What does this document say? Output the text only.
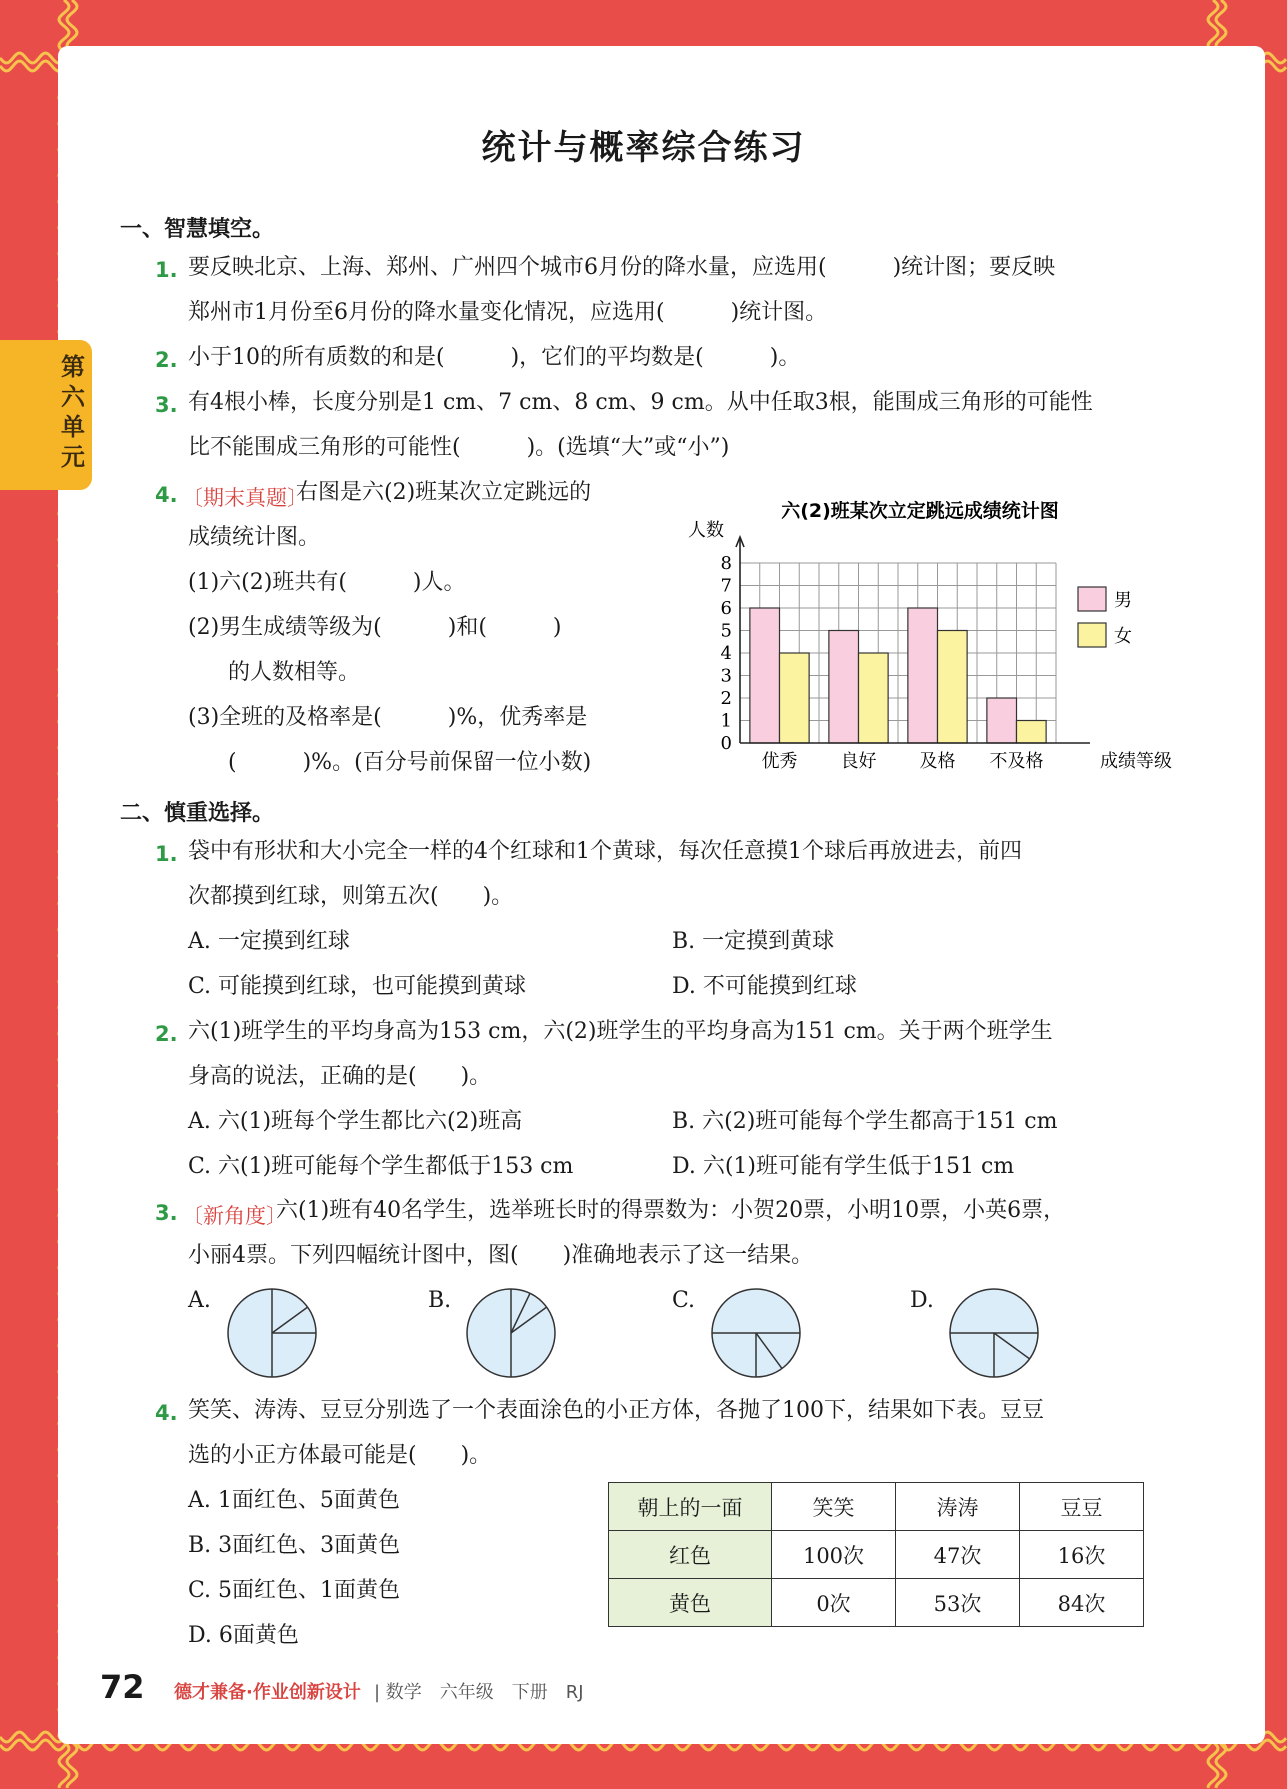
第六单元
统计与概率综合练习
一、智慧填空。
1. 要反映北京、上海、郑州、广州四个城市6月份的降水量，应选用(　　　)统计图；要反映
郑州市1月份至6月份的降水量变化情况，应选用(　　　)统计图。
2. 小于10的所有质数的和是(　　　)，它们的平均数是(　　　)。
3. 有4根小棒，长度分别是1 cm、7 cm、8 cm、9 cm。从中任取3根，能围成三角形的可能性
比不能围成三角形的可能性(　　　)。(选填“大”或“小”)
4. 〔期末真题〕
右图是六(2)班某次立定跳远的
成绩统计图。
(1)六(2)班共有(　　　)人。
(2)男生成绩等级为(　　　)和(　　　)
的人数相等。
(3)全班的及格率是(　　　)%，优秀率是
(　　　)%。(百分号前保留一位小数)
六(2)班某次立定跳远成绩统计图
人数
0
1
2
3
4
5
6
7
8
优秀 良好 及格 不及格
男
女
成绩等级
二、慎重选择。
1. 袋中有形状和大小完全一样的4个红球和1个黄球，每次任意摸1个球后再放进去，前四
次都摸到红球，则第五次(　　)。
A. 一定摸到红球	B. 一定摸到黄球
C. 可能摸到红球，也可能摸到黄球	D. 不可能摸到红球
2. 六(1)班学生的平均身高为153 cm，六(2)班学生的平均身高为151 cm。关于两个班学生
身高的说法，正确的是(　　)。
A. 六(1)班每个学生都比六(2)班高	B. 六(2)班可能每个学生都高于151 cm
C. 六(1)班可能每个学生都低于153 cm	D. 六(1)班可能有学生低于151 cm
3. 〔新角度〕
六(1)班有40名学生，选举班长时的得票数为：小贺20票，小明10票，小英6票，
小丽4票。下列四幅统计图中，图(　　)准确地表示了这一结果。
A.	B.	C.	D.
4. 笑笑、涛涛、豆豆分别选了一个表面涂色的小正方体，各抛了100下，结果如下表。豆豆
选的小正方体最可能是(　　)。
A. 1面红色、5面黄色
B. 3面红色、3面黄色
C. 5面红色、1面黄色
D. 6面黄色
朝上的一面	笑笑	涛涛	豆豆
红色	100次	47次	16次
黄色	0次	53次	84次
72 德才兼备·作业创新设计 | 数学　六年级　下册　RJ
